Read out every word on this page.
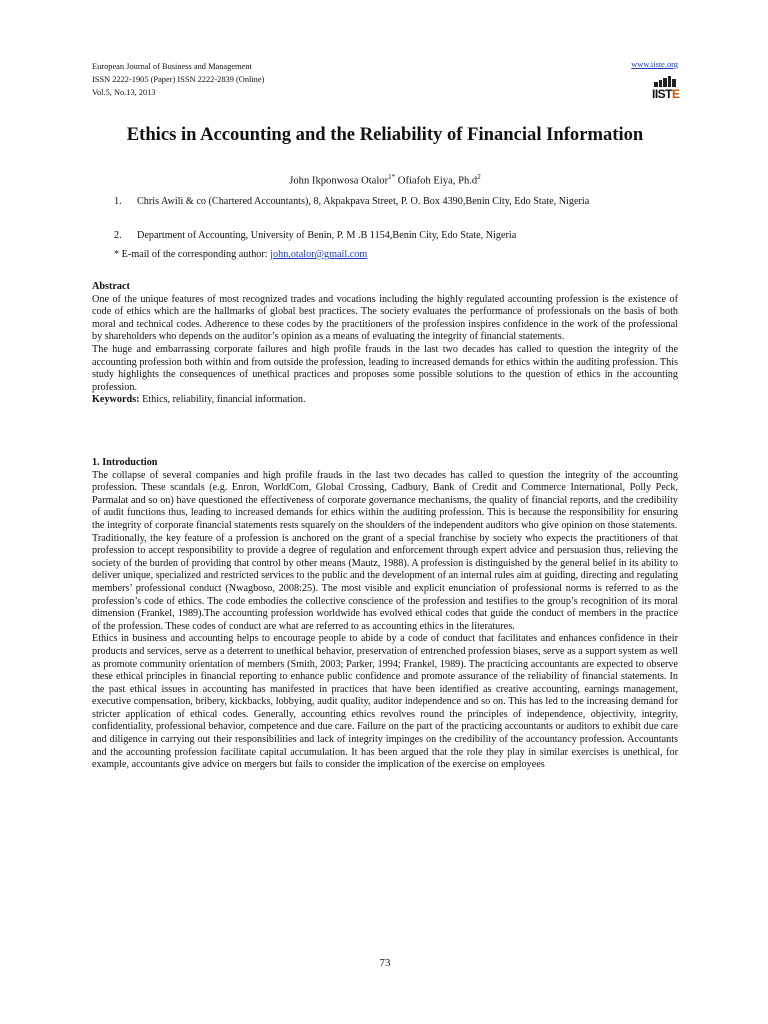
European Journal of Business and Management
ISSN 2222-1905 (Paper) ISSN 2222-2839 (Online)
Vol.5, No.13, 2013
www.iiste.org
IISTE
Ethics in Accounting and the Reliability of Financial Information
John Ikponwosa Otalor$^{1*}$ Ofiafoh Eiya, $Ph.d^2$
1. Chris Awili & co (Chartered Accountants), 8, Akpakpava Street, P. O. Box 4390,Benin City, Edo State, Nigeria
2. Department of Accounting, University of Benin, P. M .B 1154,Benin City, Edo State, Nigeria
* E-mail of the corresponding author: john.otalor@gmail.com

Abstract

One of the unique features of most recognized trades and vocations including the highly regulated accounting profession is the existence of code of ethics which are the hallmarks of global best practices. The society evaluates the performance of professionals on the basis of both moral and technical codes. Adherence to these codes by the practitioners of the profession inspires confidence in the work of the professional by shareholders who depends on the auditor’s opinion as a means of evaluating the integrity of financial statements.

The huge and embarrassing corporate failures and high profile frauds in the last two decades has called to question the integrity of the accounting profession both within and from outside the profession, leading to increased demands for ethics within the auditing profession. This study highlights the consequences of unethical practices and proposes some possible solutions to the question of ethics in the accounting profession.

Keywords: Ethics, reliability, financial information.

1. Introduction

The collapse of several companies and high profile frauds in the last two decades has called to question the integrity of the accounting profession. These scandals (e.g. Enron, WorldCom, Global Crossing, Cadbury, Bank of Credit and Commerce International, Polly Peck, Parmalat and so on) have questioned the effectiveness of corporate governance mechanisms, the quality of financial reports, and the credibility of audit functions thus, leading to increased demands for ethics within the auditing profession. This is because the responsibility for ensuring the integrity of corporate financial statements rests squarely on the shoulders of the independent auditors who give opinion on those statements.

Traditionally, the key feature of a profession is anchored on the grant of a special franchise by society who expects the practitioners of that profession to accept responsibility to provide a degree of regulation and enforcement through expert advice and persuasion thus, relieving the society of the burden of providing that control by other means (Mautz, 1988). A profession is distinguished by the general belief in its ability to deliver unique, specialized and restricted services to the public and the development of an internal rules aim at guiding, directing and regulating members’ professional conduct (Nwagboso, 2008:25). The most visible and explicit enunciation of professional norms is referred to as the profession’s code of ethics. The code embodies the collective conscience of the profession and testifies to the group’s recognition of its moral dimension (Frankel, 1989).The accounting profession worldwide has evolved ethical codes that guide the conduct of members in the practice of the profession. These codes of conduct are what are referred to as accounting ethics in the literatures.

Ethics in business and accounting helps to encourage people to abide by a code of conduct that facilitates and enhances confidence in their products and services, serve as a deterrent to unethical behavior, preservation of entrenched profession biases, serve as a support system as well as promote community orientation of members (Smith, 2003; Parker, 1994; Frankel, 1989). The practicing accountants are expected to observe these ethical principles in financial reporting to enhance public confidence and promote assurance of the reliability of financial statements. In the past ethical issues in accounting has manifested in practices that have been identified as creative accounting, earnings management, executive compensation, bribery, kickbacks, lobbying, audit quality, auditor independence and so on. This has led to the increasing demand for stricter application of ethical codes. Generally, accounting ethics revolves round the principles of independence, objectivity, integrity, confidentiality, professional behavior, competence and due care. Failure on the part of the practicing accountants or auditors to exhibit due care and diligence in carrying out their responsibilities and lack of integrity impinges on the credibility of the accountancy profession. Accountants and the accounting profession facilitate capital accumulation. It has been argued that the role they play in similar exercises is unethical, for example, accountants give advice on mergers but fails to consider the implication of the exercise on employees

73
